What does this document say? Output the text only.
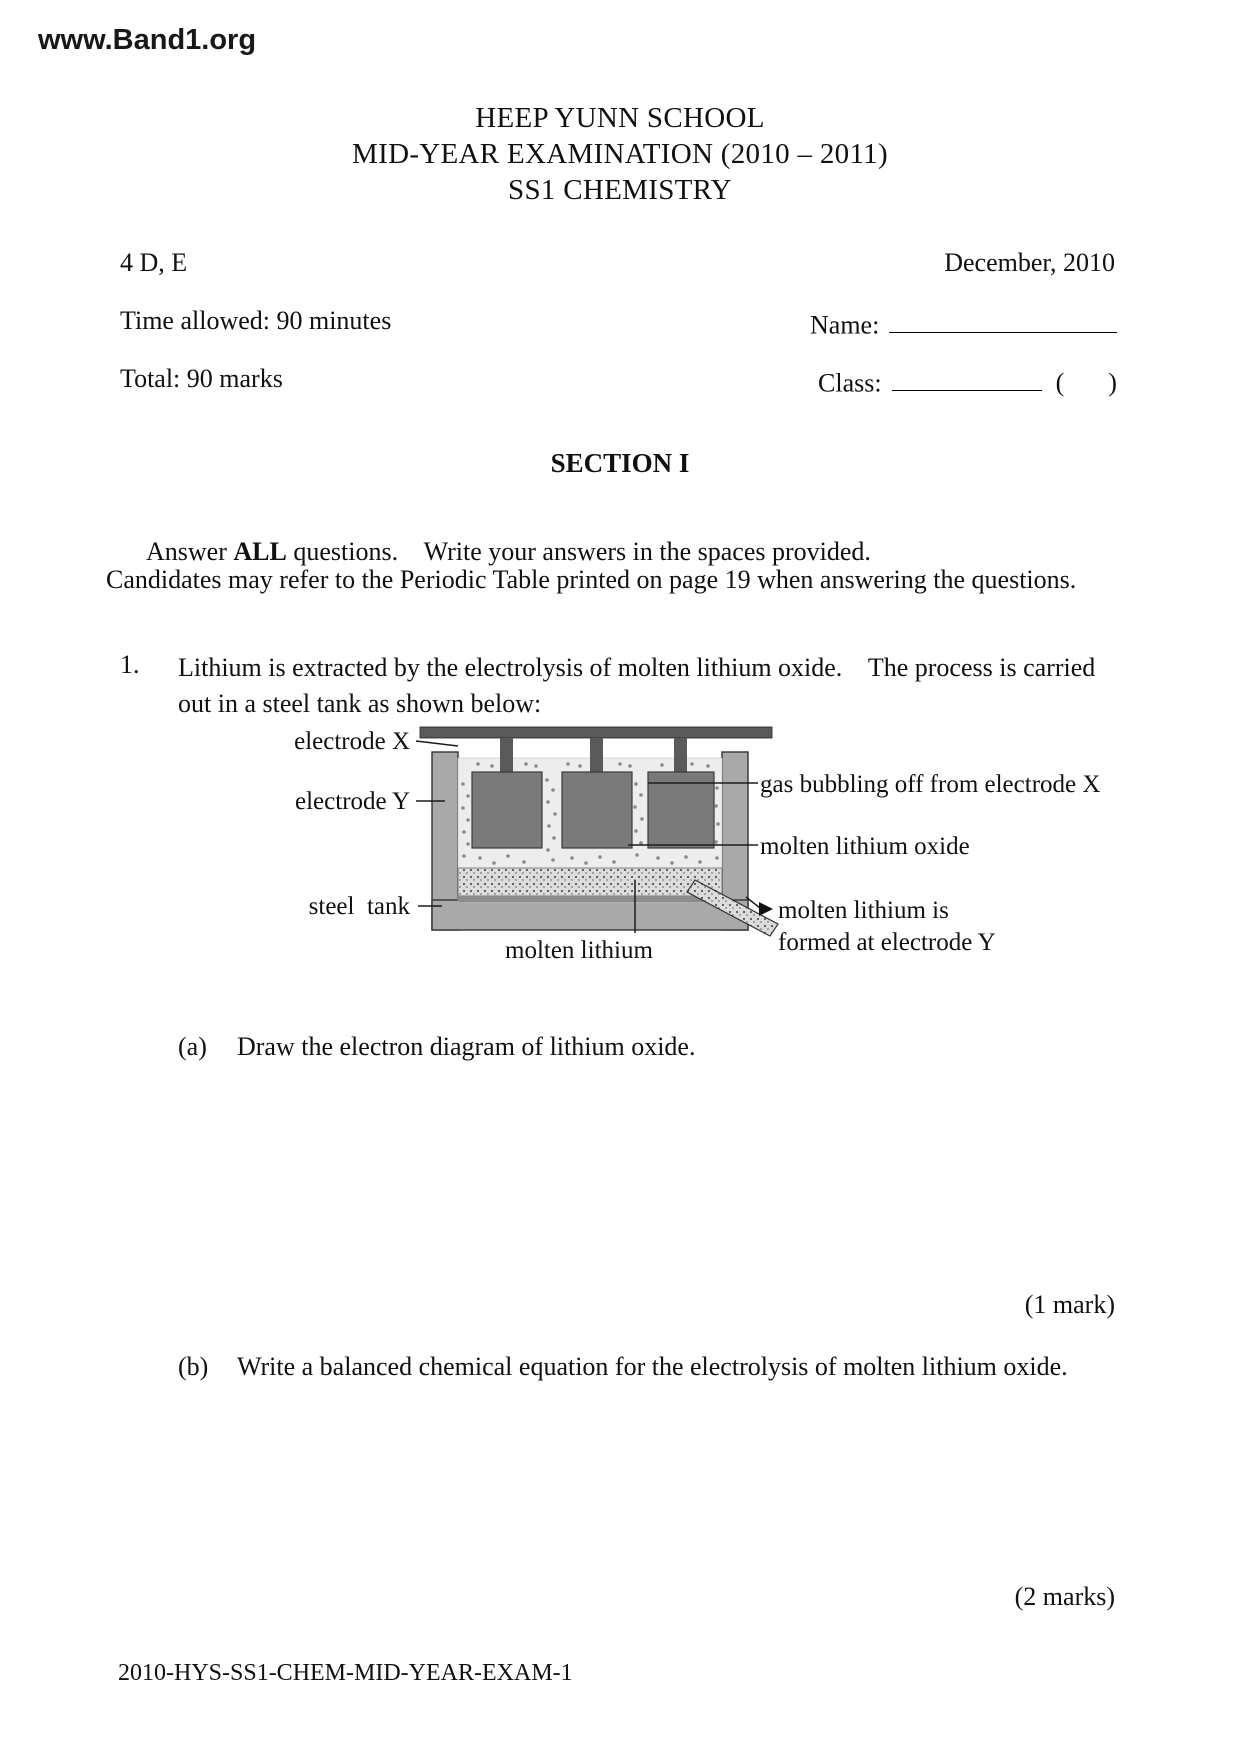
www.Band1.org
HEEP YUNN SCHOOL
MID-YEAR EXAMINATION (2010 – 2011)
SS1 CHEMISTRY
4 D, E	December, 2010
Time allowed: 90 minutes	Name:
Total: 90 marks	Class:	( )
SECTION I

Answer ALL questions.    Write your answers in the spaces provided.

Candidates may refer to the Periodic Table printed on page 19 when answering the questions.
1. Lithium is extracted by the electrolysis of molten lithium oxide.    The process is carried out in a steel tank as shown below:
electrode X
electrode Y
steel  tank
molten lithium
gas bubbling off from electrode X
molten lithium oxide
molten lithium is
formed at electrode Y
(a) Draw the electron diagram of lithium oxide.
(1 mark)
(b) Write a balanced chemical equation for the electrolysis of molten lithium oxide.
(2 marks)
2010-HYS-SS1-CHEM-MID-YEAR-EXAM-1
